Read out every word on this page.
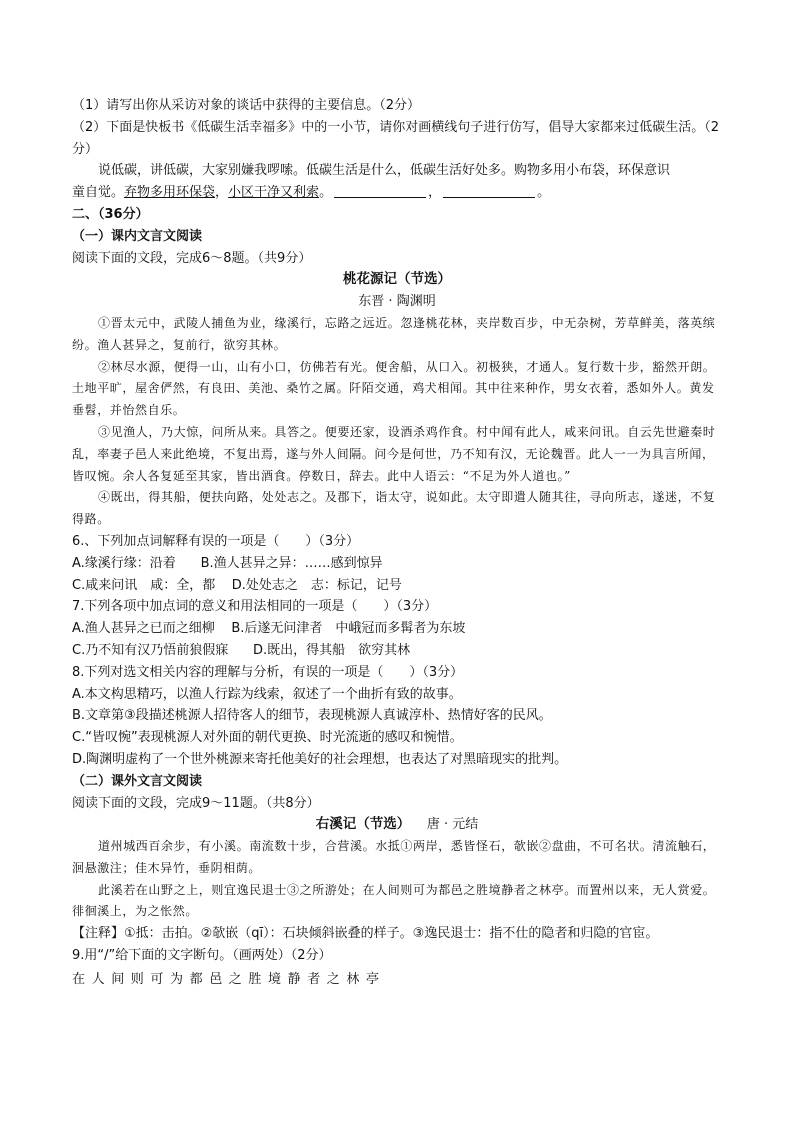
（1）请写出你从采访对象的谈话中获得的主要信息。（2分）

（2）下面是快板书《低碳生活幸福多》中的一小节，请你对画横线句子进行仿写，倡导大家都来过低碳生活。（2分）

说低碳，讲低碳，大家别嫌我啰嗦。低碳生活是什么，低碳生活好处多。购物多用小布袋，环保意识

童自觉。弃物多用环保袋，小区干净又利索。	，	。

二、（36分）

（一）课内文言文阅读

阅读下面的文段，完成6～8题。（共9分）

桃花源记（节选）

东晋 · 陶渊明

①晋太元中，武陵人捕鱼为业，缘溪行，忘路之远近。忽逢桃花林，夹岸数百步，中无杂树，芳草鲜美，落英缤纷。渔人甚异之，复前行，欲穷其林。

②林尽水源，便得一山，山有小口，仿佛若有光。便舍船，从口入。初极狭，才通人。复行数十步，豁然开朗。土地平旷，屋舍俨然，有良田、美池、桑竹之属。阡陌交通，鸡犬相闻。其中往来种作，男女衣着，悉如外人。黄发垂髫，并怡然自乐。

③见渔人，乃大惊，问所从来。具答之。便要还家，设酒杀鸡作食。村中闻有此人，咸来问讯。自云先世避秦时乱，率妻子邑人来此绝境，不复出焉，遂与外人间隔。问今是何世，乃不知有汉，无论魏晋。此人一一为具言所闻，皆叹惋。余人各复延至其家，皆出酒食。停数日，辞去。此中人语云：“不足为外人道也。”

④既出，得其船，便扶向路，处处志之。及郡下，诣太守，说如此。太守即遣人随其往，寻向所志，遂迷，不复得路。

6.、下列加点词解释有误的一项是（　　）（3分）

A.缘溪行缘：沿着 B.渔人甚异之异：……感到惊异

C.咸来问讯　咸：全，都 D.处处志之　志：标记，记号

7.下列各项中加点词的意义和用法相同的一项是（　　）（3分）

A.渔人甚异之已而之细柳 B.后遂无问津者　中峨冠而多髯者为东坡

C.乃不知有汉乃悟前狼假寐 D.既出，得其船　欲穷其林

8.下列对选文相关内容的理解与分析，有误的一项是（　　）（3分）

A.本文构思精巧，以渔人行踪为线索，叙述了一个曲折有致的故事。

B.文章第③段描述桃源人招待客人的细节，表现桃源人真诚淳朴、热情好客的民风。

C.“皆叹惋”表现桃源人对外面的朝代更换、时光流逝的感叹和惋惜。

D.陶渊明虚构了一个世外桃源来寄托他美好的社会理想，也表达了对黑暗现实的批判。

（二）课外文言文阅读

阅读下面的文段，完成9～11题。（共8分）

右溪记（节选） 唐 · 元结

道州城西百余步，有小溪。南流数十步，合营溪。水抵①两岸，悉皆怪石，欹嵌②盘曲，不可名状。清流触石，洄悬激注；佳木异竹，垂阴相荫。

此溪若在山野之上，则宜逸民退士③之所游处；在人间则可为都邑之胜境静者之林亭。而置州以来，无人赏爱。徘徊溪上，为之怅然。

【注释】①抵：击拍。②欹嵌（qī）：石块倾斜嵌叠的样子。③逸民退士：指不仕的隐者和归隐的官宦。

9.用“/”给下面的文字断句。（画两处）（2分）

在人间则可为都邑之胜境静者之林亭
